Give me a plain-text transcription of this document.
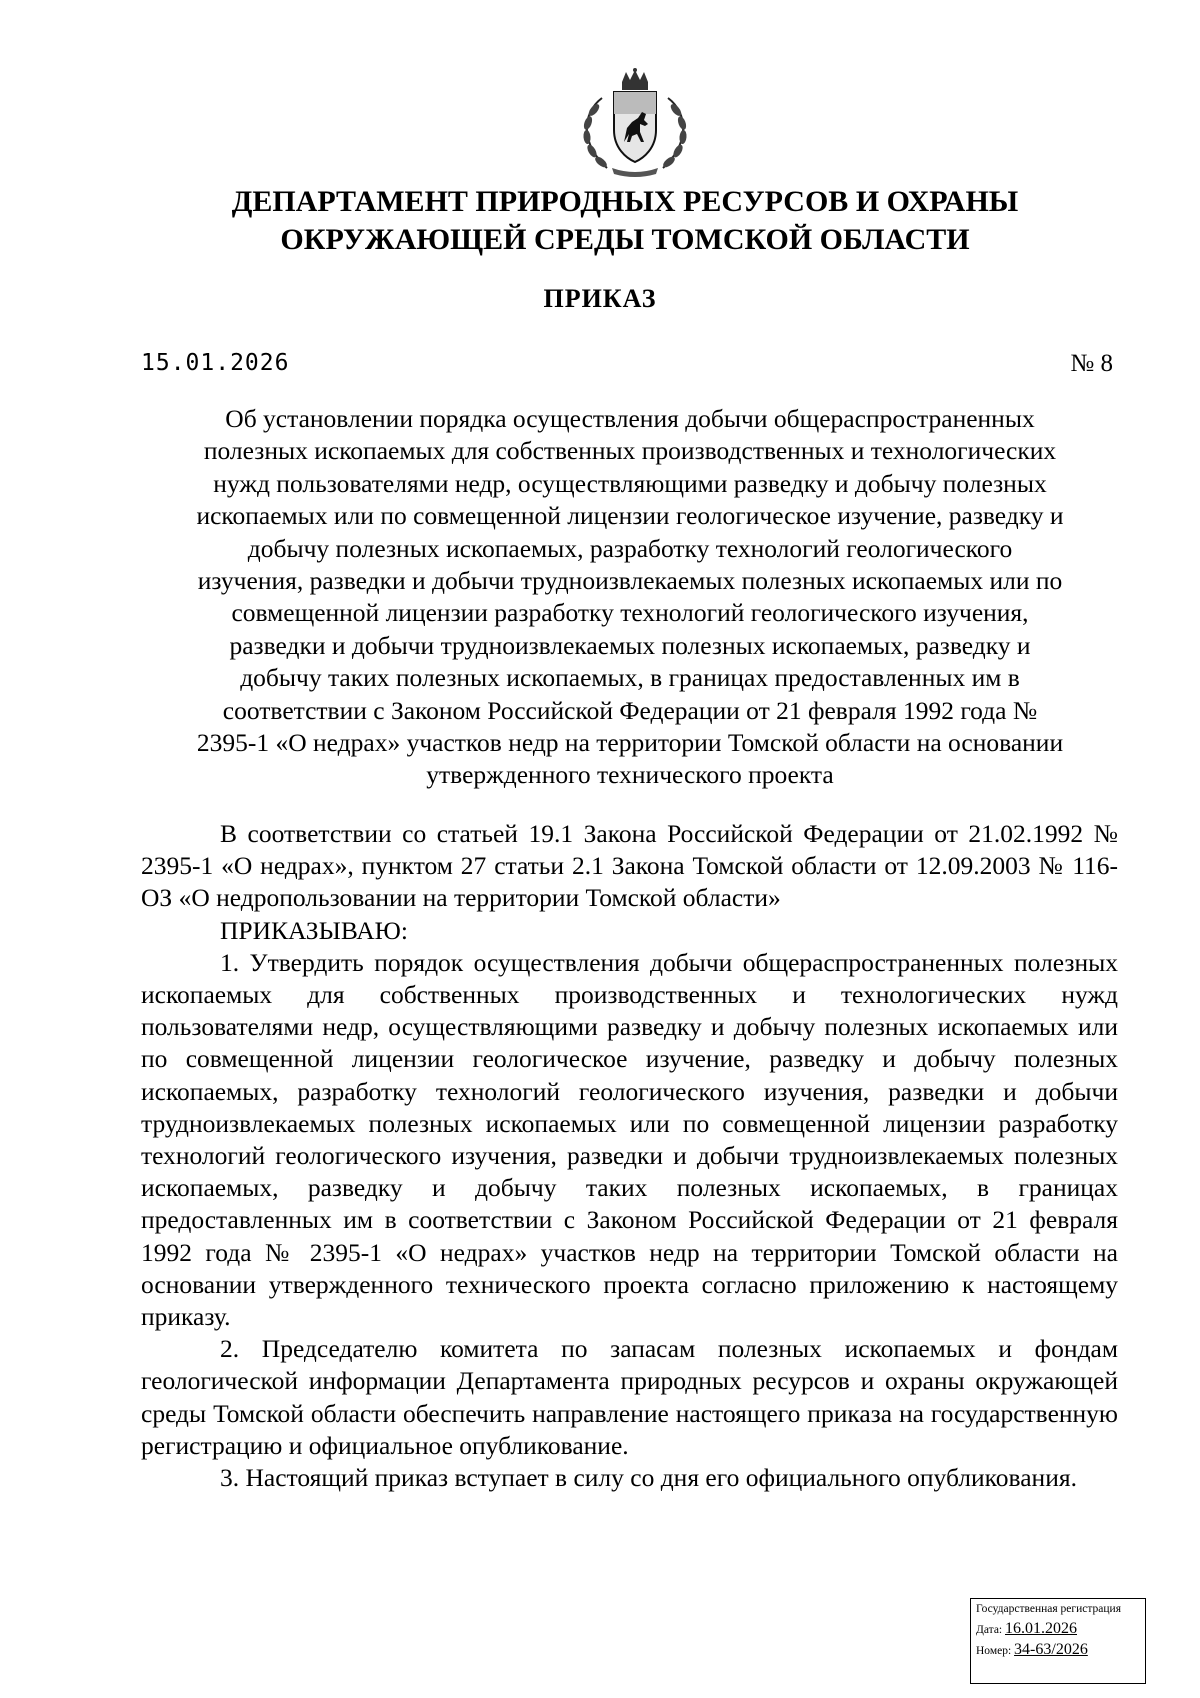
ДЕПАРТАМЕНТ ПРИРОДНЫХ РЕСУРСОВ И ОХРАНЫ
ОКРУЖАЮЩЕЙ СРЕДЫ ТОМСКОЙ ОБЛАСТИ
ПРИКАЗ
15.01.2026	№ 8
Об установлении порядка осуществления добычи общераспространенных
полезных ископаемых для собственных производственных и технологических
нужд пользователями недр, осуществляющими разведку и добычу полезных
ископаемых или по совмещенной лицензии геологическое изучение, разведку и
добычу полезных ископаемых, разработку технологий геологического
изучения, разведки и добычи трудноизвлекаемых полезных ископаемых или по
совмещенной лицензии разработку технологий геологического изучения,
разведки и добычи трудноизвлекаемых полезных ископаемых, разведку и
добычу таких полезных ископаемых, в границах предоставленных им в
соответствии с Законом Российской Федерации от 21 февраля 1992 года №
2395-1 «О недрах» участков недр на территории Томской области на основании
утвержденного технического проекта

В соответствии со статьей 19.1 Закона Российской Федерации от 21.02.1992 № 2395-1 «О недрах», пунктом 27 статьи 2.1 Закона Томской области от 12.09.2003 № 116-ОЗ «О недропользовании на территории Томской области»

ПРИКАЗЫВАЮ:

1. Утвердить порядок осуществления добычи общераспространенных полезных ископаемых для собственных производственных и технологических нужд пользователями недр, осуществляющими разведку и добычу полезных ископаемых или по совмещенной лицензии геологическое изучение, разведку и добычу полезных ископаемых, разработку технологий геологического изучения, разведки и добычи трудноизвлекаемых полезных ископаемых или по совмещенной лицензии разработку технологий геологического изучения, разведки и добычи трудноизвлекаемых полезных ископаемых, разведку и добычу таких полезных ископаемых, в границах предоставленных им в соответствии с Законом Российской Федерации от 21 февраля 1992 года № 2395-1 «О недрах» участков недр на территории Томской области на основании утвержденного технического проекта согласно приложению к настоящему приказу.

2. Председателю комитета по запасам полезных ископаемых и фондам геологической информации Департамента природных ресурсов и охраны окружающей среды Томской области обеспечить направление настоящего приказа на государственную регистрацию и официальное опубликование.

3. Настоящий приказ вступает в силу со дня его официального опубликования.

Государственная регистрация
Дата: 16.01.2026
Номер: 34-63/2026
